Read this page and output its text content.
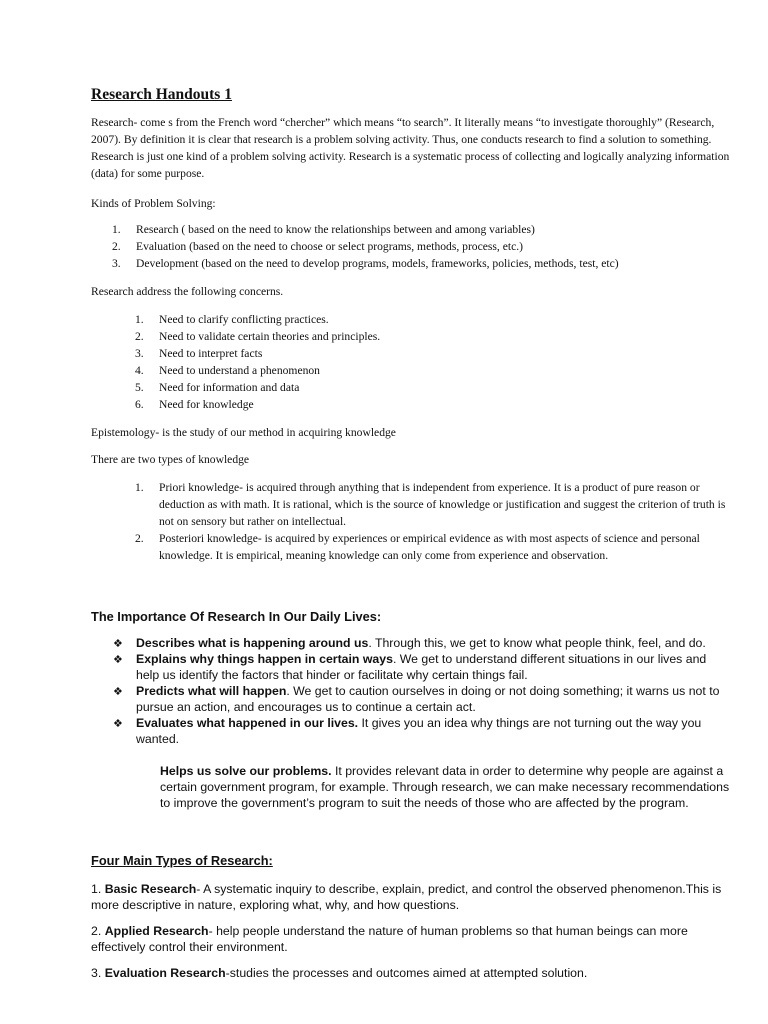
Research Handouts 1
Research- come s from the French word “chercher” which means “to search”. It literally means “to investigate thoroughly” (Research, 2007). By definition it is clear that research is a problem solving activity. Thus, one conducts research to find a solution to something. Research is just one kind of a problem solving activity. Research is a systematic process of collecting and logically analyzing information (data) for some purpose.
Kinds of Problem Solving:
1.	Research ( based on the need to know the relationships between and among variables)
2.	Evaluation (based on the need to choose or select programs, methods, process, etc.)
3.	Development (based on the need to develop programs, models, frameworks, policies, methods, test, etc)
Research address the following concerns.
1.	Need to clarify conflicting practices.
2.	Need to validate certain theories and principles.
3.	Need to interpret facts
4.	Need to understand a phenomenon
5.	Need for information and data
6.	Need for knowledge
Epistemology- is the study of our method in acquiring knowledge
There are two types of knowledge
1.	Priori knowledge- is acquired through anything that is independent from experience. It is a product of pure reason or deduction as with math. It is rational, which is the source of knowledge or justification and suggest the criterion of truth is not on sensory but rather on intellectual.
2.	Posteriori knowledge- is acquired by experiences or empirical evidence as with most aspects of science and personal knowledge. It is empirical, meaning knowledge can only come from experience and observation.
The Importance Of Research In Our Daily Lives:
❖ Describes what is happening around us. Through this, we get to know what people think, feel, and do.
❖ Explains why things happen in certain ways. We get to understand different situations in our lives and help us identify the factors that hinder or facilitate why certain things fail.
❖ Predicts what will happen. We get to caution ourselves in doing or not doing something; it warns us not to pursue an action, and encourages us to continue a certain act.
❖ Evaluates what happened in our lives. It gives you an idea why things are not turning out the way you wanted.
Helps us solve our problems. It provides relevant data in order to determine why people are against a certain government program, for example. Through research, we can make necessary recommendations to improve the government’s program to suit the needs of those who are affected by the program.
Four Main Types of Research:
1. Basic Research- A systematic inquiry to describe, explain, predict, and control the observed phenomenon.This is more descriptive in nature, exploring what, why, and how questions.
2. Applied Research- help people understand the nature of human problems so that human beings can more effectively control their environment.
3. Evaluation Research-studies the processes and outcomes aimed at attempted solution.
